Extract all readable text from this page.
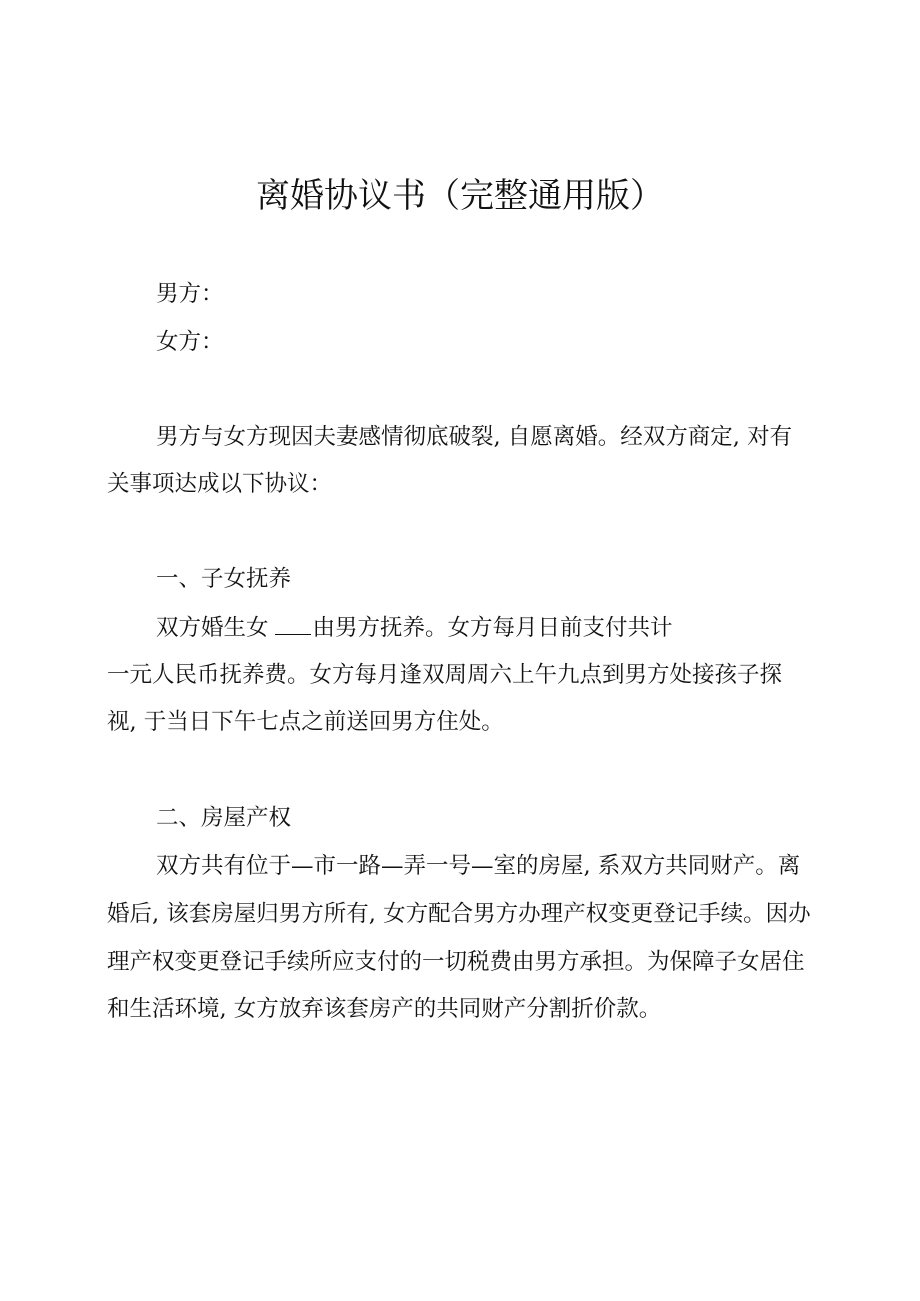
离婚协议书（完整通用版）
男方：
女方：
男方与女方现因夫妻感情彻底破裂, 自愿离婚。经双方商定, 对有
关事项达成以下协议：
一、子女抚养
双方婚生女 由男方抚养。女方每月日前支付共计
一元人民币抚养费。女方每月逢双周周六上午九点到男方处接孩子探
视, 于当日下午七点之前送回男方住处。
二、房屋产权
双方共有位于—市一路—弄一号—室的房屋, 系双方共同财产。离
婚后, 该套房屋归男方所有, 女方配合男方办理产权变更登记手续。因办
理产权变更登记手续所应支付的一切税费由男方承担。为保障子女居住
和生活环境, 女方放弃该套房产的共同财产分割折价款。
